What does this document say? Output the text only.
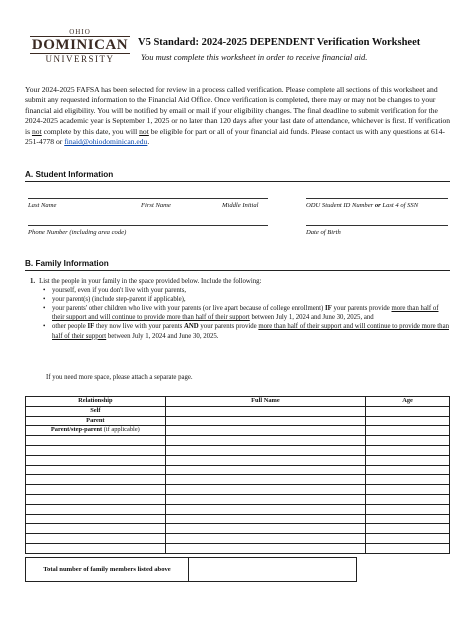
OHIO
DOMINICAN
UNIVERSITY
V5 Standard: 2024-2025 DEPENDENT Verification Worksheet
You must complete this worksheet in order to receive financial aid.

Your 2024-2025 FAFSA has been selected for review in a process called verification. Please complete all sections of this worksheet and submit any requested information to the Financial Aid Office. Once verification is completed, there may or may not be changes to your financial aid eligibility. You will be notified by email or mail if your eligibility changes. The final deadline to submit verification for the 2024-2025 academic year is September 1, 2025 or no later than 120 days after your last date of attendance, whichever is first. If verification is not complete by this date, you will not be eligible for part or all of your financial aid funds. Please contact us with any questions at 614-251-4778 or finaid@ohiodominican.edu.

A. Student Information
Last Name	First Name	Middle Initial	ODU Student ID Number or Last 4 of SSN
Phone Number (including area code)	Date of Birth
B. Family Information
1. List the people in your family in the space provided below. Include the following:
• yourself, even if you don't live with your parents,
• your parent(s) (include step-parent if applicable),
• your parents' other children who live with your parents (or live apart because of college enrollment) IF your parents provide more than half of their support and will continue to provide more than half of their support between July 1, 2024 and June 30, 2025, and
• other people IF they now live with your parents AND your parents provide more than half of their support and will continue to provide more than half of their support between July 1, 2024 and June 30, 2025.
If you need more space, please attach a separate page.
Relationship	Full Name	Age
Self		
Parent		
Parent/step-parent (if applicable)		

Total number of family members listed above
